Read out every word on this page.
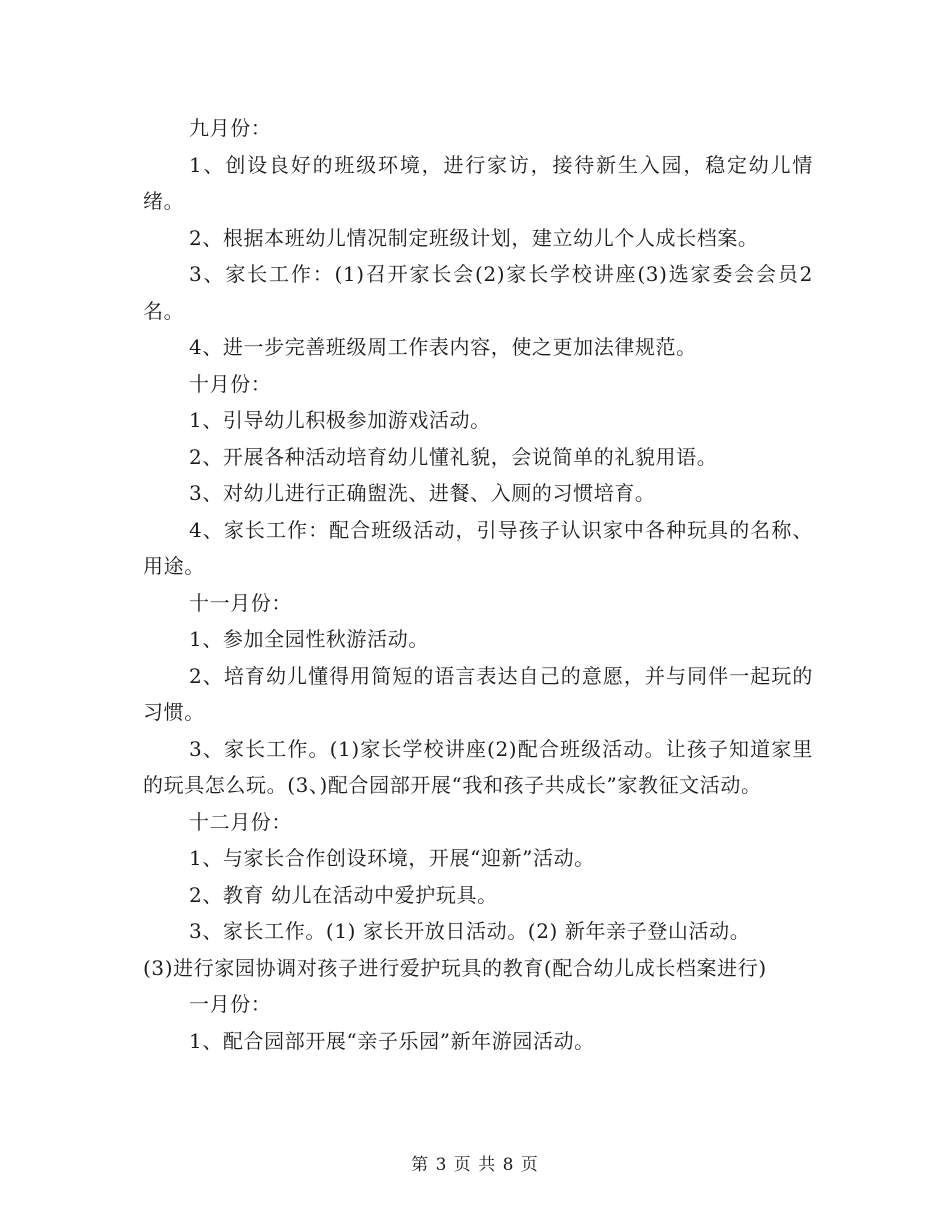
九月份：

1、创设良好的班级环境，进行家访，接待新生入园，稳定幼儿情绪。

2、根据本班幼儿情况制定班级计划，建立幼儿个人成长档案。

3、家长工作：(1)召开家长会(2)家长学校讲座(3)选家委会会员2名。

4、进一步完善班级周工作表内容，使之更加法律规范。

十月份：

1、引导幼儿积极参加游戏活动。

2、开展各种活动培育幼儿懂礼貌，会说简单的礼貌用语。

3、对幼儿进行正确盥洗、进餐、入厕的习惯培育。

4、家长工作：配合班级活动，引导孩子认识家中各种玩具的名称、用途。

十一月份：

1、参加全园性秋游活动。

2、培育幼儿懂得用简短的语言表达自己的意愿，并与同伴一起玩的习惯。

3、家长工作。(1)家长学校讲座(2)配合班级活动。让孩子知道家里的玩具怎么玩。(3、)配合园部开展“我和孩子共成长”家教征文活动。

十二月份：

1、与家长合作创设环境，开展“迎新”活动。

2、教育 幼儿在活动中爱护玩具。

3、家长工作。(1) 家长开放日活动。(2) 新年亲子登山活动。

(3)进行家园协调对孩子进行爱护玩具的教育(配合幼儿成长档案进行)

一月份：

1、配合园部开展“亲子乐园”新年游园活动。

第 3 页 共 8 页
